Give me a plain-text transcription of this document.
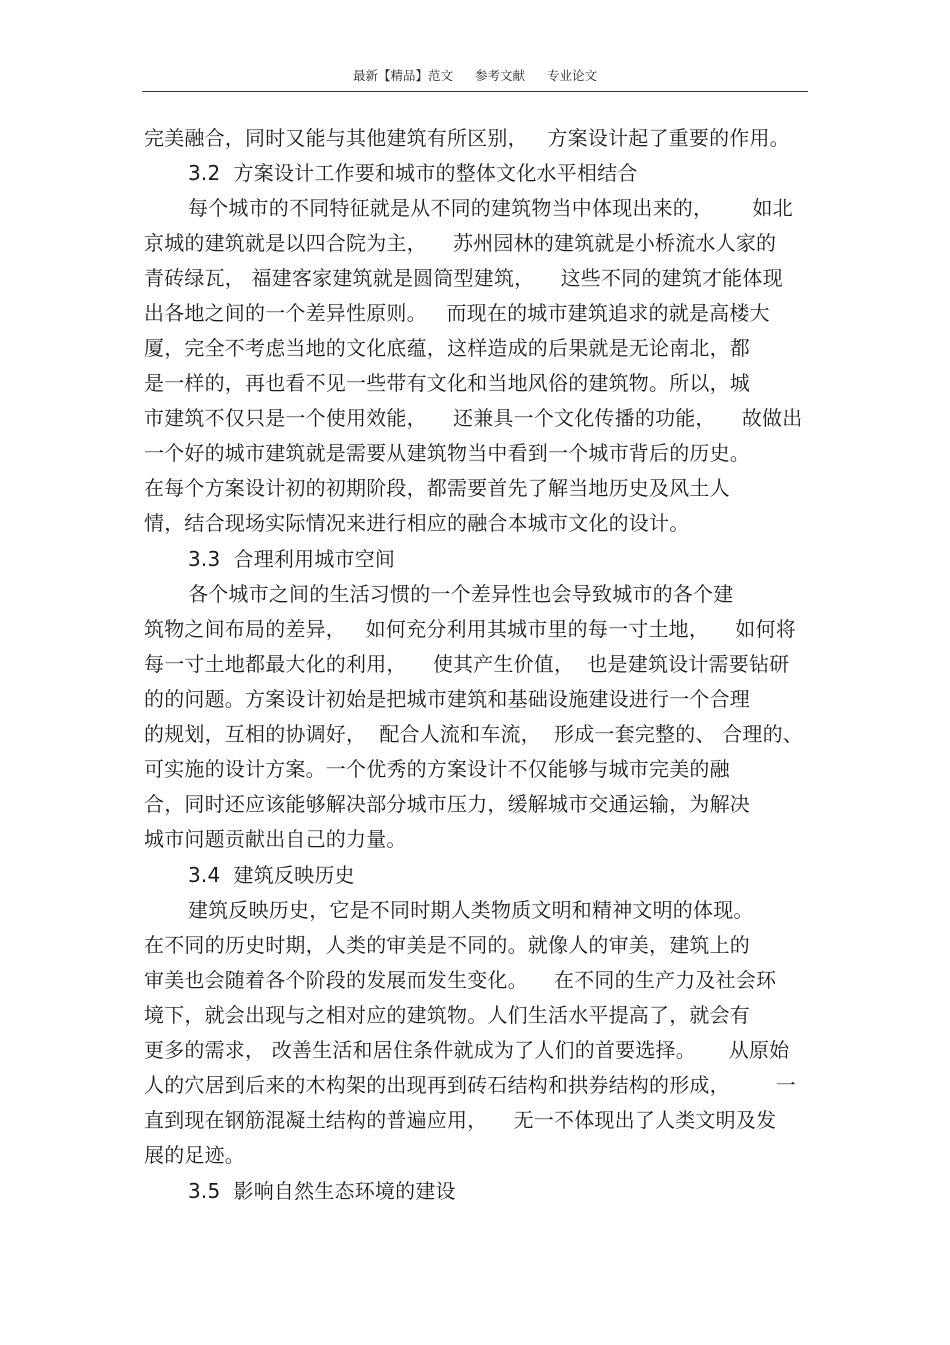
最新【精品】范文 参考文献 专业论文
完美融合，同时又能与其他建筑有所区别，   方案设计起了重要的作用。
3.2  方案设计工作要和城市的整体文化水平相结合
每个城市的不同特征就是从不同的建筑物当中体现出来的，      如北
京城的建筑就是以四合院为主，    苏州园林的建筑就是小桥流水人家的
青砖绿瓦， 福建客家建筑就是圆筒型建筑，    这些不同的建筑才能体现
出各地之间的一个差异性原则。   而现在的城市建筑追求的就是高楼大
厦，完全不考虑当地的文化底蕴，这样造成的后果就是无论南北，都
是一样的，再也看不见一些带有文化和当地风俗的建筑物。所以，城
市建筑不仅只是一个使用效能，    还兼具一个文化传播的功能，    故做出
一个好的城市建筑就是需要从建筑物当中看到一个城市背后的历史。
在每个方案设计初的初期阶段，都需要首先了解当地历史及风土人
情，结合现场实际情况来进行相应的融合本城市文化的设计。
3.3  合理利用城市空间
各个城市之间的生活习惯的一个差异性也会导致城市的各个建
筑物之间布局的差异，   如何充分利用其城市里的每一寸土地，    如何将
每一寸土地都最大化的利用，    使其产生价值，  也是建筑设计需要钻研
的的问题。方案设计初始是把城市建筑和基础设施建设进行一个合理
的规划，互相的协调好，  配合人流和车流，  形成一套完整的、 合理的、
可实施的设计方案。一个优秀的方案设计不仅能够与城市完美的融
合，同时还应该能够解决部分城市压力，缓解城市交通运输，为解决
城市问题贡献出自己的力量。
3.4  建筑反映历史
建筑反映历史，它是不同时期人类物质文明和精神文明的体现。
在不同的历史时期，人类的审美是不同的。就像人的审美，建筑上的
审美也会随着各个阶段的发展而发生变化。    在不同的生产力及社会环
境下，就会出现与之相对应的建筑物。人们生活水平提高了，就会有
更多的需求， 改善生活和居住条件就成为了人们的首要选择。     从原始
人的穴居到后来的木构架的出现再到砖石结构和拱券结构的形成，       一
直到现在钢筋混凝土结构的普遍应用，    无一不体现出了人类文明及发
展的足迹。
3.5  影响自然生态环境的建设
